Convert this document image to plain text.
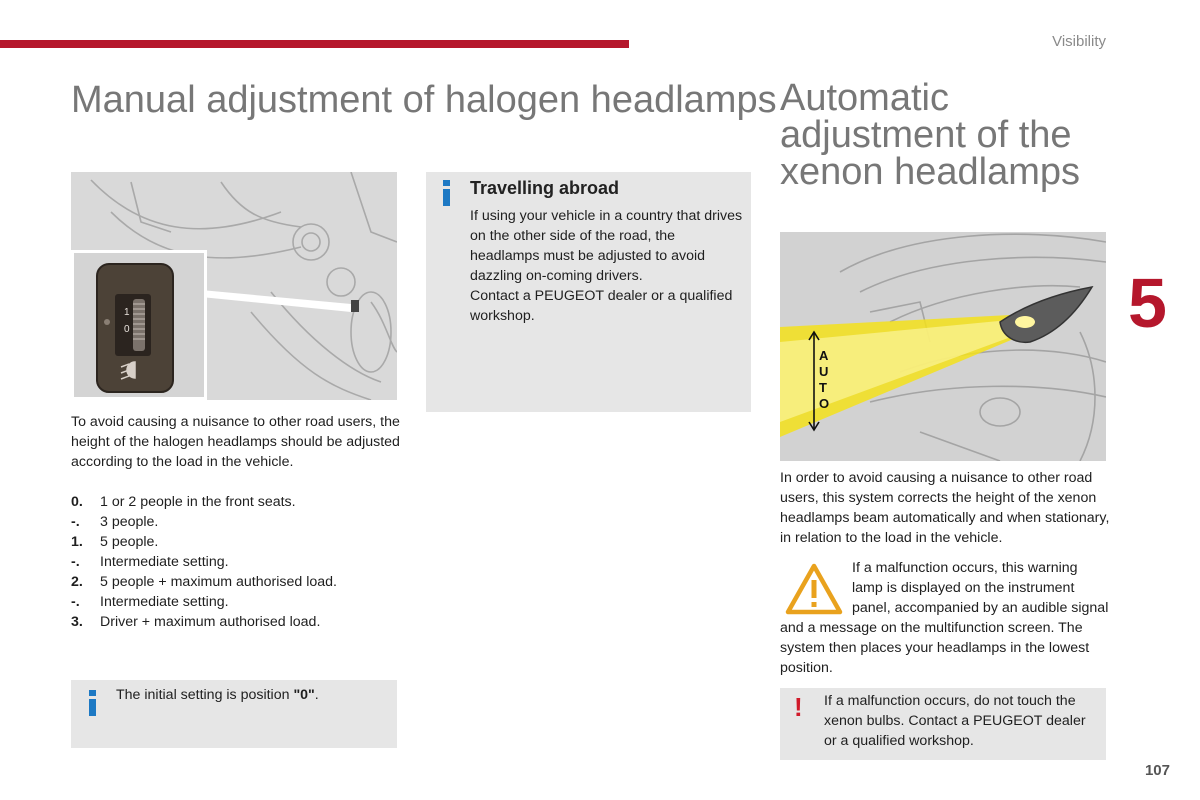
Visibility
5
107
Manual adjustment of halogen headlamps
1
0
To avoid causing a nuisance to other road users, the height of the halogen headlamps should be adjusted according to the load in the vehicle.
0.	1 or 2 people in the front seats.
-.	3 people.
1.	5 people.
-.	Intermediate setting.
2.	5 people + maximum authorised load.
-.	Intermediate setting.
3.	Driver + maximum authorised load.
The initial setting is position "0".
Travelling abroad
If using your vehicle in a country that drives on the other side of the road, the headlamps must be adjusted to avoid dazzling on-coming drivers.
Contact a PEUGEOT dealer or a qualified workshop.
Automatic adjustment of the xenon headlamps
A
U
T
O
In order to avoid causing a nuisance to other road users, this system corrects the height of the xenon headlamps beam automatically and when stationary, in relation to the load in the vehicle.
If a malfunction occurs, this warning lamp is displayed on the instrument panel, accompanied by an audible signal and a message on the multifunction screen. The system then places your headlamps in the lowest position.
! If a malfunction occurs, do not touch the xenon bulbs. Contact a PEUGEOT dealer or a qualified workshop.
